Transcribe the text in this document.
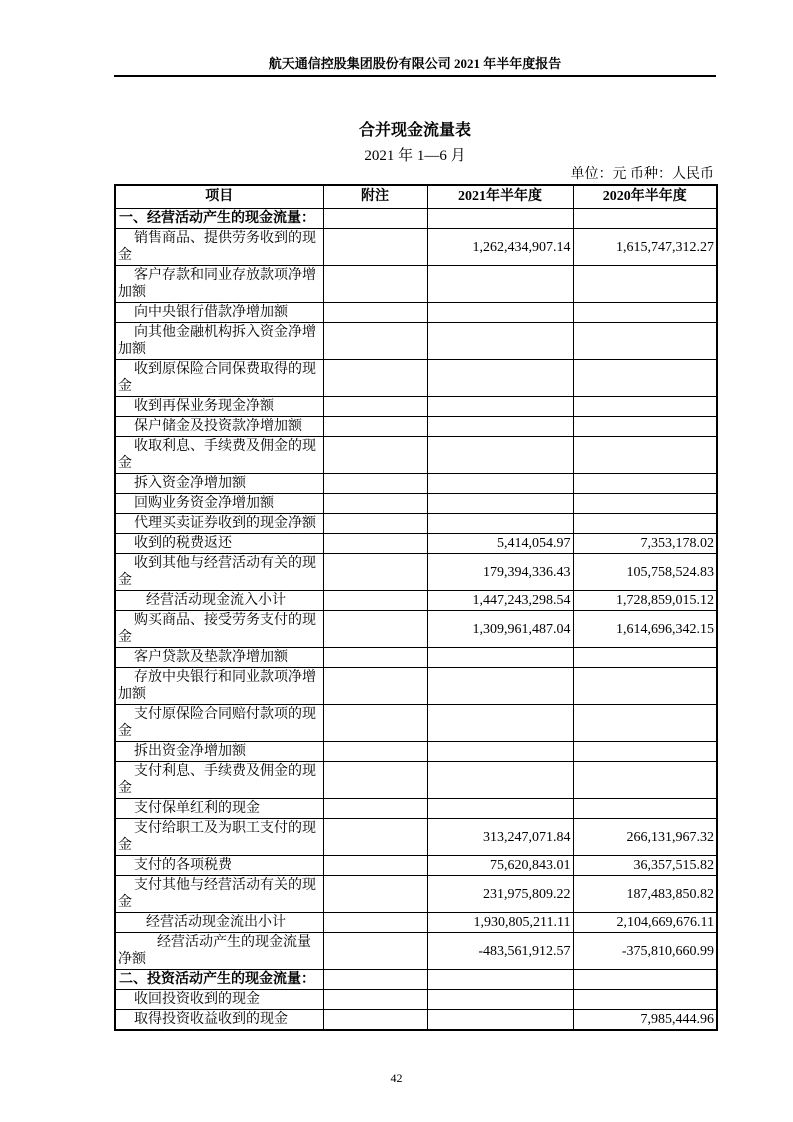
航天通信控股集团股份有限公司 2021 年半年度报告
合并现金流量表
2021 年 1—6 月
单位：元 币种：人民币
项目	附注	2021年半年度	2020年半年度
一、经营活动产生的现金流量：			
销售商品、提供劳务收到的现金		1,262,434,907.14	1,615,747,312.27
客户存款和同业存放款项净增加额			
向中央银行借款净增加额			
向其他金融机构拆入资金净增加额			
收到原保险合同保费取得的现金			
收到再保业务现金净额			
保户储金及投资款净增加额			
收取利息、手续费及佣金的现金			
拆入资金净增加额			
回购业务资金净增加额			
代理买卖证券收到的现金净额			
收到的税费返还		5,414,054.97	7,353,178.02
收到其他与经营活动有关的现金		179,394,336.43	105,758,524.83
经营活动现金流入小计		1,447,243,298.54	1,728,859,015.12
购买商品、接受劳务支付的现金		1,309,961,487.04	1,614,696,342.15
客户贷款及垫款净增加额			
存放中央银行和同业款项净增加额			
支付原保险合同赔付款项的现金			
拆出资金净增加额			
支付利息、手续费及佣金的现金			
支付保单红利的现金			
支付给职工及为职工支付的现金		313,247,071.84	266,131,967.32
支付的各项税费		75,620,843.01	36,357,515.82
支付其他与经营活动有关的现金		231,975,809.22	187,483,850.82
经营活动现金流出小计		1,930,805,211.11	2,104,669,676.11
经营活动产生的现金流量净额		-483,561,912.57	-375,810,660.99
二、投资活动产生的现金流量：			
收回投资收到的现金			
取得投资收益收到的现金			7,985,444.96
42
